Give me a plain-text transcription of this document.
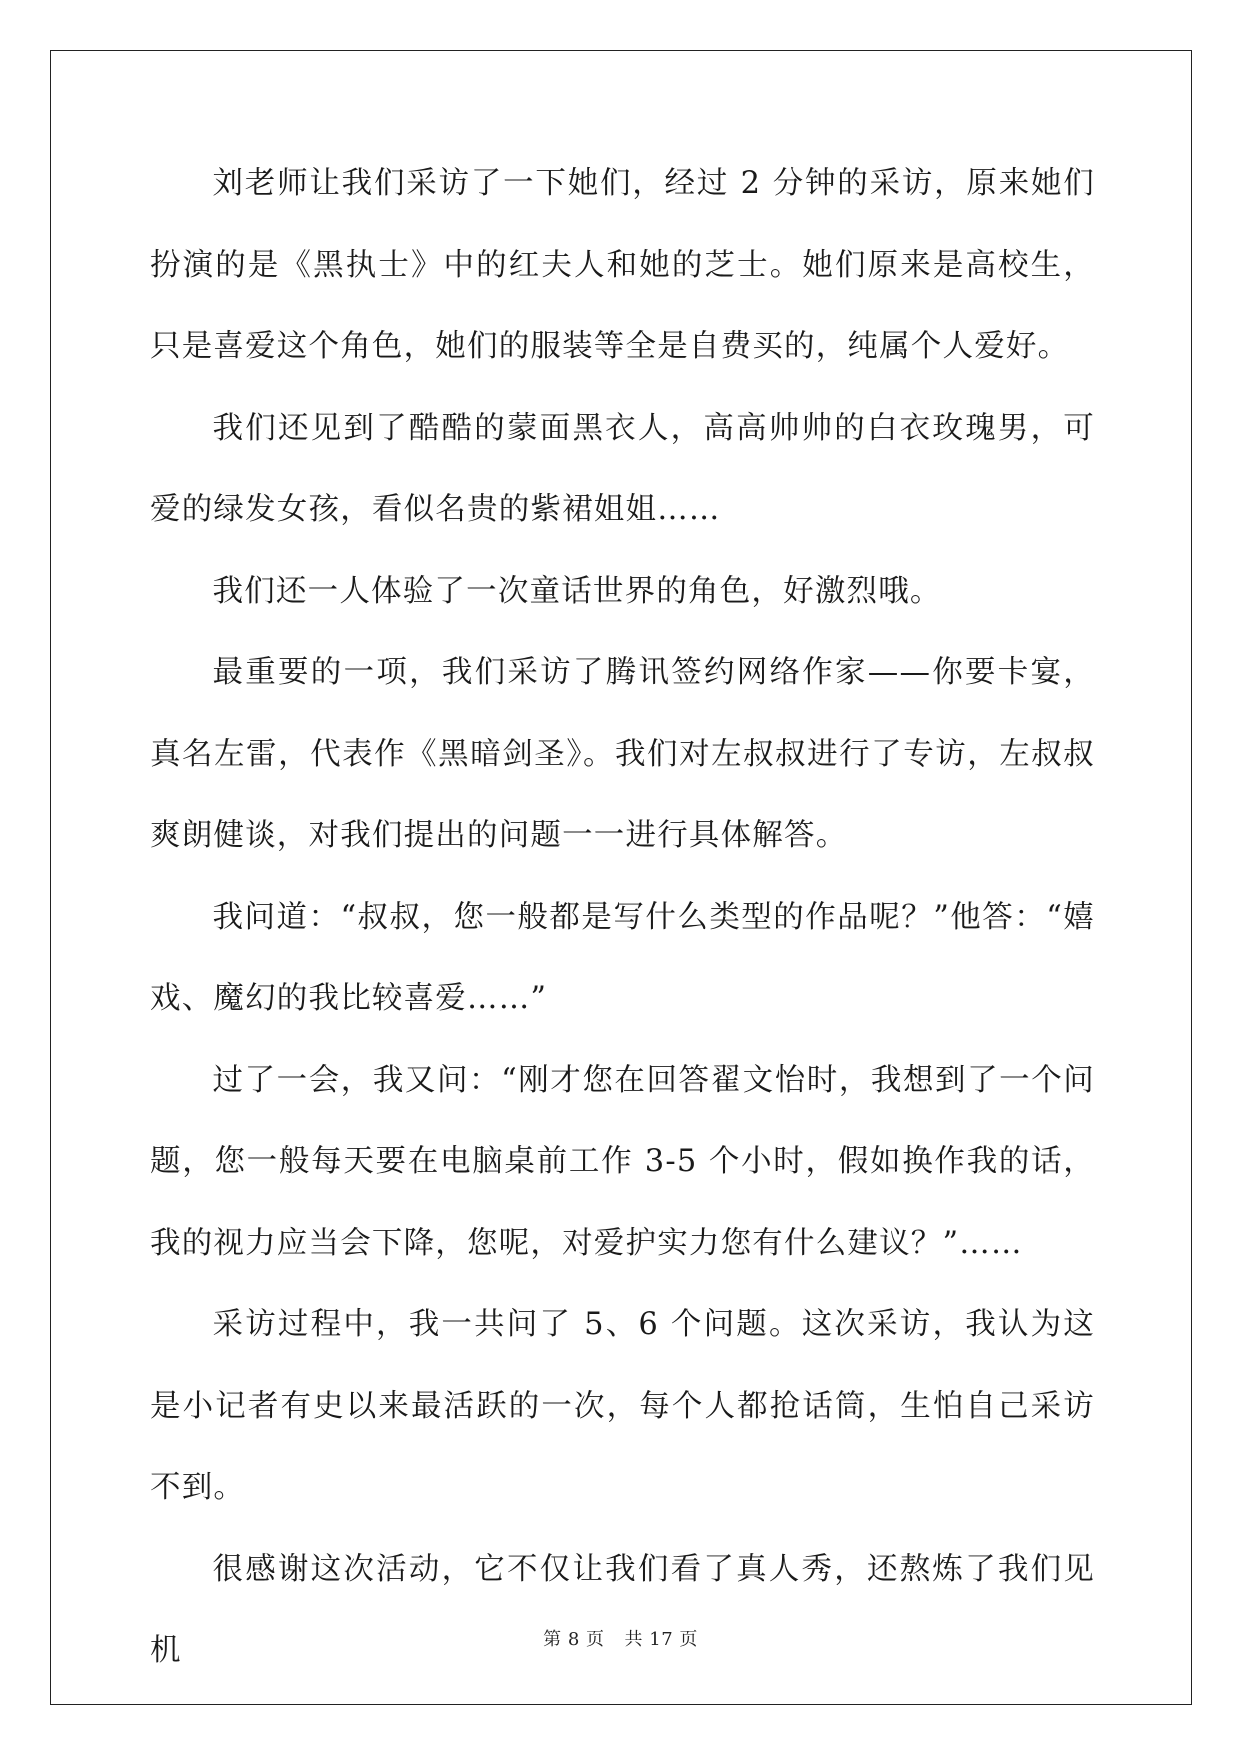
刘老师让我们采访了一下她们，经过 2 分钟的采访，原来她们扮演的是《黑执士》中的红夫人和她的芝士。她们原来是高校生，只是喜爱这个角色，她们的服装等全是自费买的，纯属个人爱好。

我们还见到了酷酷的蒙面黑衣人，高高帅帅的白衣玫瑰男，可爱的绿发女孩，看似名贵的紫裙姐姐……

我们还一人体验了一次童话世界的角色，好激烈哦。

最重要的一项，我们采访了腾讯签约网络作家——你要卡宴，真名左雷，代表作《黑暗剑圣》。我们对左叔叔进行了专访，左叔叔爽朗健谈，对我们提出的问题一一进行具体解答。

我问道：“叔叔，您一般都是写什么类型的作品呢？”他答：“嬉戏、魔幻的我比较喜爱……”

过了一会，我又问：“刚才您在回答翟文怡时，我想到了一个问题，您一般每天要在电脑桌前工作 3-5 个小时，假如换作我的话，我的视力应当会下降，您呢，对爱护实力您有什么建议？”……

采访过程中，我一共问了 5、6 个问题。这次采访，我认为这是小记者有史以来最活跃的一次，每个人都抢话筒，生怕自己采访不到。

很感谢这次活动，它不仅让我们看了真人秀，还熬炼了我们见机	第 8 页 共 17 页
